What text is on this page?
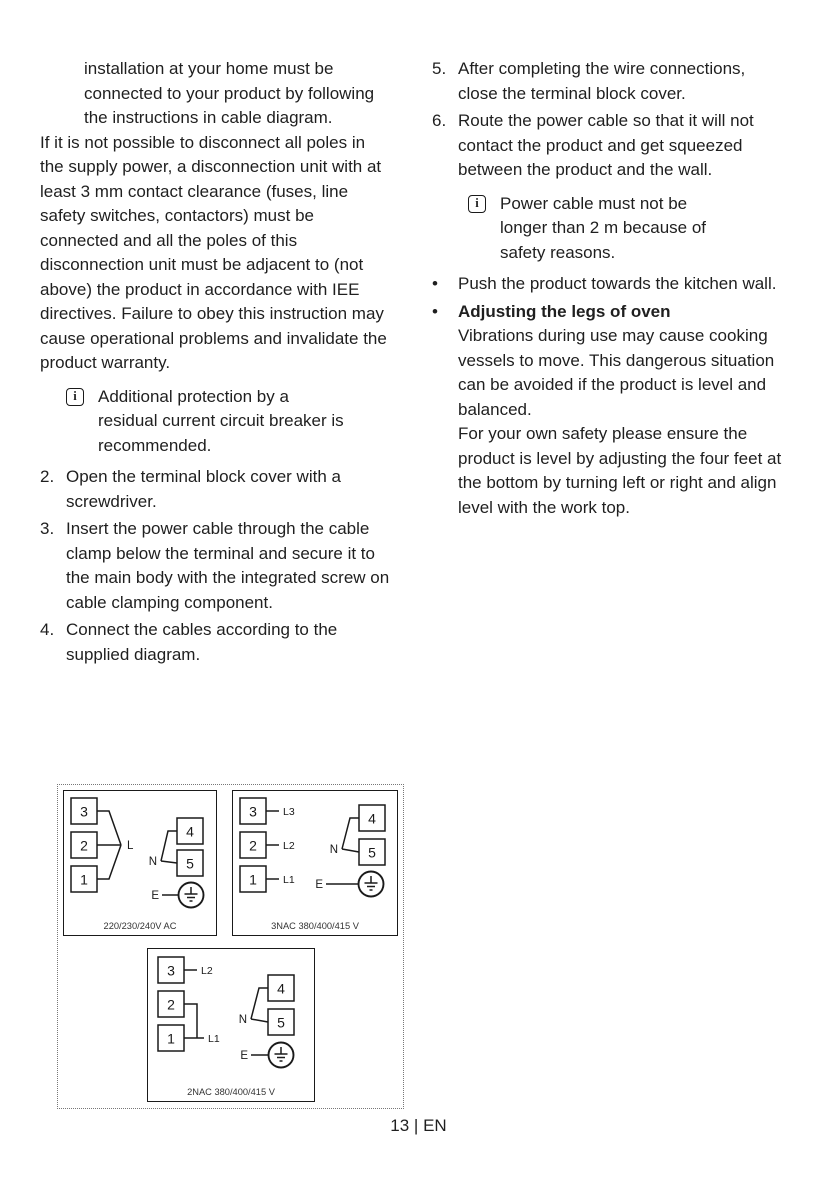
installation at your home must be connected to your product by following the instructions in cable diagram.

If it is not possible to disconnect all poles in the supply power, a disconnection unit with at least 3 mm contact clearance (fuses, line safety switches, contactors) must be connected and all the poles of this disconnection unit must be adjacent to (not above) the product in accordance with IEE directives. Failure to obey this instruction may cause operational problems and invalidate the product warranty.

i	Additional protection by a residual current circuit breaker is recommended.
2. Open the terminal block cover with a screwdriver.
3. Insert the power cable through the cable clamp below the terminal and secure it to the main body with the integrated screw on cable clamping component.
4. Connect the cables according to the supplied diagram.
5. After completing the wire connections, close the terminal block cover.
6. Route the power cable so that it will not contact the product and get squeezed between the product and the wall.
i	Power cable must not be longer than 2 m because of safety reasons.
•	Push the product towards the kitchen wall.
•	Adjusting the legs of oven
Vibrations during use may cause cooking vessels to move. This dangerous situation can be avoided if the product is level and balanced.
For your own safety please ensure the product is level by adjusting the four feet at the bottom by turning left or right and align level with the work top.
3
2
1
4
5
L
N
E
220/230/240V AC
3
2
1
4
5
L3
L2
L1
N
E
3NAC 380/400/415 V
3
2
1
4
5
L2
L1
N
E
2NAC 380/400/415 V
13 | EN
